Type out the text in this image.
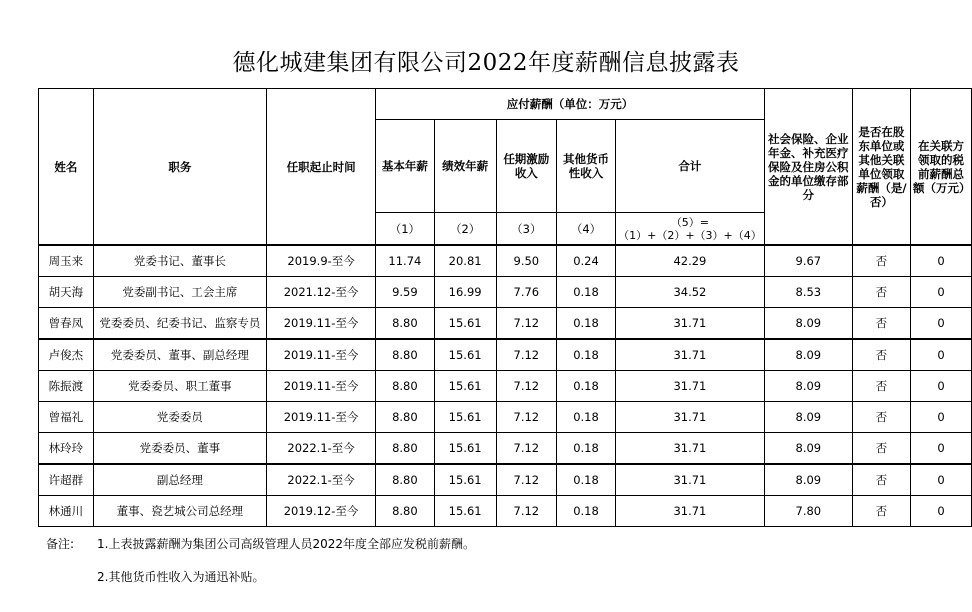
德化城建集团有限公司2022年度薪酬信息披露表
姓名	职务	任职起止时间	应付薪酬（单位：万元）					社会保险、企业年金、补充医疗保险及住房公积金的单位缴存部分	是否在股东单位或其他关联单位领取薪酬（是/否）	在关联方领取的税前薪酬总额（万元）
			基本年薪	绩效年薪	任期激励收入	其他货币性收入	合计			
			（1）	（2）	（3）	（4）	（5）=（1）+（2）+（3）+（4）			
周玉来	党委书记、董事长	2019.9-至今	11.74	20.81	9.50	0.24	42.29	9.67	否	0
胡天海	党委副书记、工会主席	2021.12-至今	9.59	16.99	7.76	0.18	34.52	8.53	否	0
曾春凤	党委委员、纪委书记、监察专员	2019.11-至今	8.80	15.61	7.12	0.18	31.71	8.09	否	0
卢俊杰	党委委员、董事、副总经理	2019.11-至今	8.80	15.61	7.12	0.18	31.71	8.09	否	0
陈振渡	党委委员、职工董事	2019.11-至今	8.80	15.61	7.12	0.18	31.71	8.09	否	0
曾福礼	党委委员	2019.11-至今	8.80	15.61	7.12	0.18	31.71	8.09	否	0
林玲玲	党委委员、董事	2022.1-至今	8.80	15.61	7.12	0.18	31.71	8.09	否	0
许超群	副总经理	2022.1-至今	8.80	15.61	7.12	0.18	31.71	8.09	否	0
林通川	董事、瓷艺城公司总经理	2019.12-至今	8.80	15.61	7.12	0.18	31.71	7.80	否	0
备注: 1.上表披露薪酬为集团公司高级管理人员2022年度全部应发税前薪酬。
2.其他货币性收入为通迅补贴。
